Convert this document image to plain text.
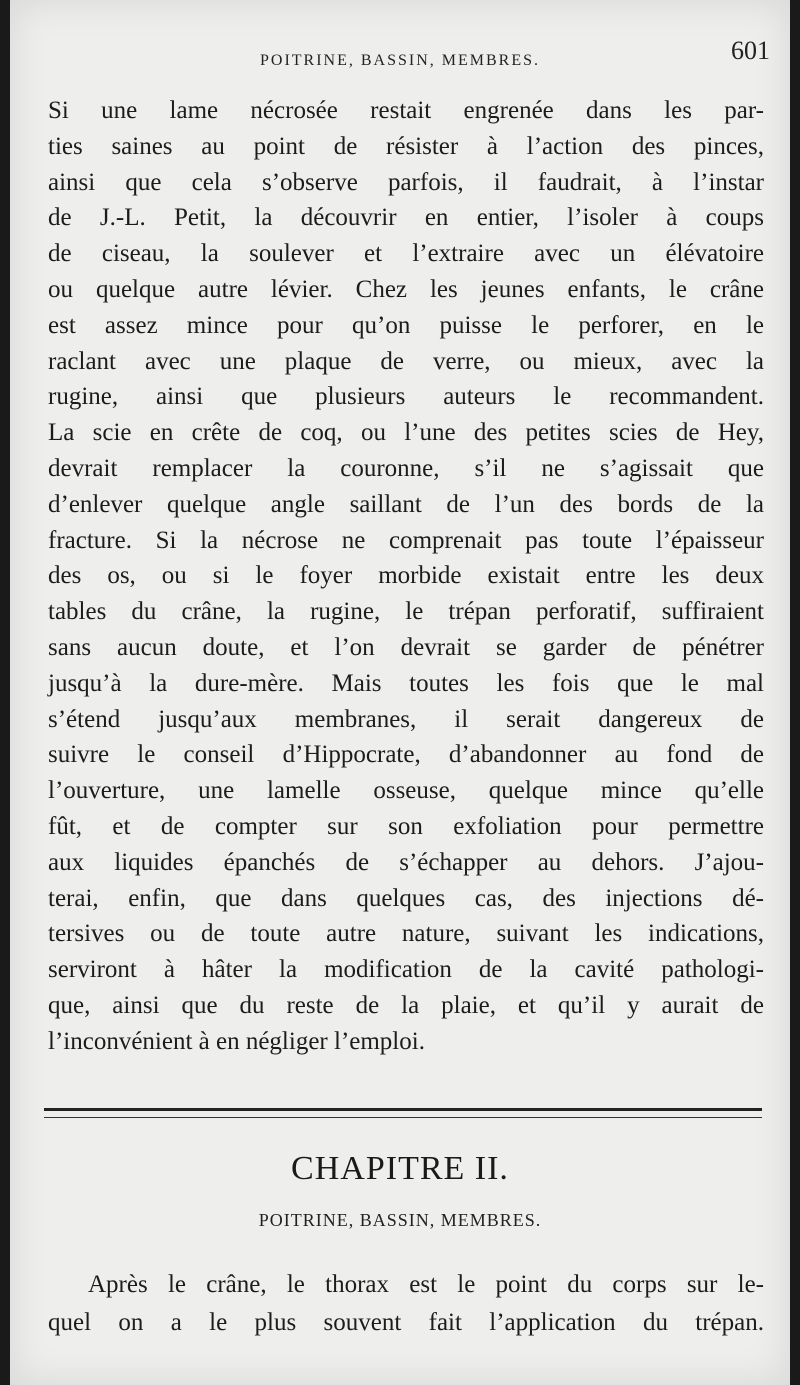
POITRINE, BASSIN, MEMBRES.	601
Si une lame nécrosée restait engrenée dans les par-
ties saines au point de résister à l’action des pinces,
ainsi que cela s’observe parfois, il faudrait, à l’instar
de J.-L. Petit, la découvrir en entier, l’isoler à coups
de ciseau, la soulever et l’extraire avec un élévatoire
ou quelque autre lévier. Chez les jeunes enfants, le crâne
est assez mince pour qu’on puisse le perforer, en le
raclant avec une plaque de verre, ou mieux, avec la
rugine, ainsi que plusieurs auteurs le recommandent.
La scie en crête de coq, ou l’une des petites scies de Hey,
devrait remplacer la couronne, s’il ne s’agissait que
d’enlever quelque angle saillant de l’un des bords de la
fracture. Si la nécrose ne comprenait pas toute l’épaisseur
des os, ou si le foyer morbide existait entre les deux
tables du crâne, la rugine, le trépan perforatif, suffiraient
sans aucun doute, et l’on devrait se garder de pénétrer
jusqu’à la dure-mère. Mais toutes les fois que le mal
s’étend jusqu’aux membranes, il serait dangereux de
suivre le conseil d’Hippocrate, d’abandonner au fond de
l’ouverture, une lamelle osseuse, quelque mince qu’elle
fût, et de compter sur son exfoliation pour permettre
aux liquides épanchés de s’échapper au dehors. J’ajou-
terai, enfin, que dans quelques cas, des injections dé-
tersives ou de toute autre nature, suivant les indications,
serviront à hâter la modification de la cavité pathologi-
que, ainsi que du reste de la plaie, et qu’il y aurait de
l’inconvénient à en négliger l’emploi.
CHAPITRE II.
POITRINE, BASSIN, MEMBRES.
Après le crâne, le thorax est le point du corps sur le-
quel on a le plus souvent fait l’application du trépan.
